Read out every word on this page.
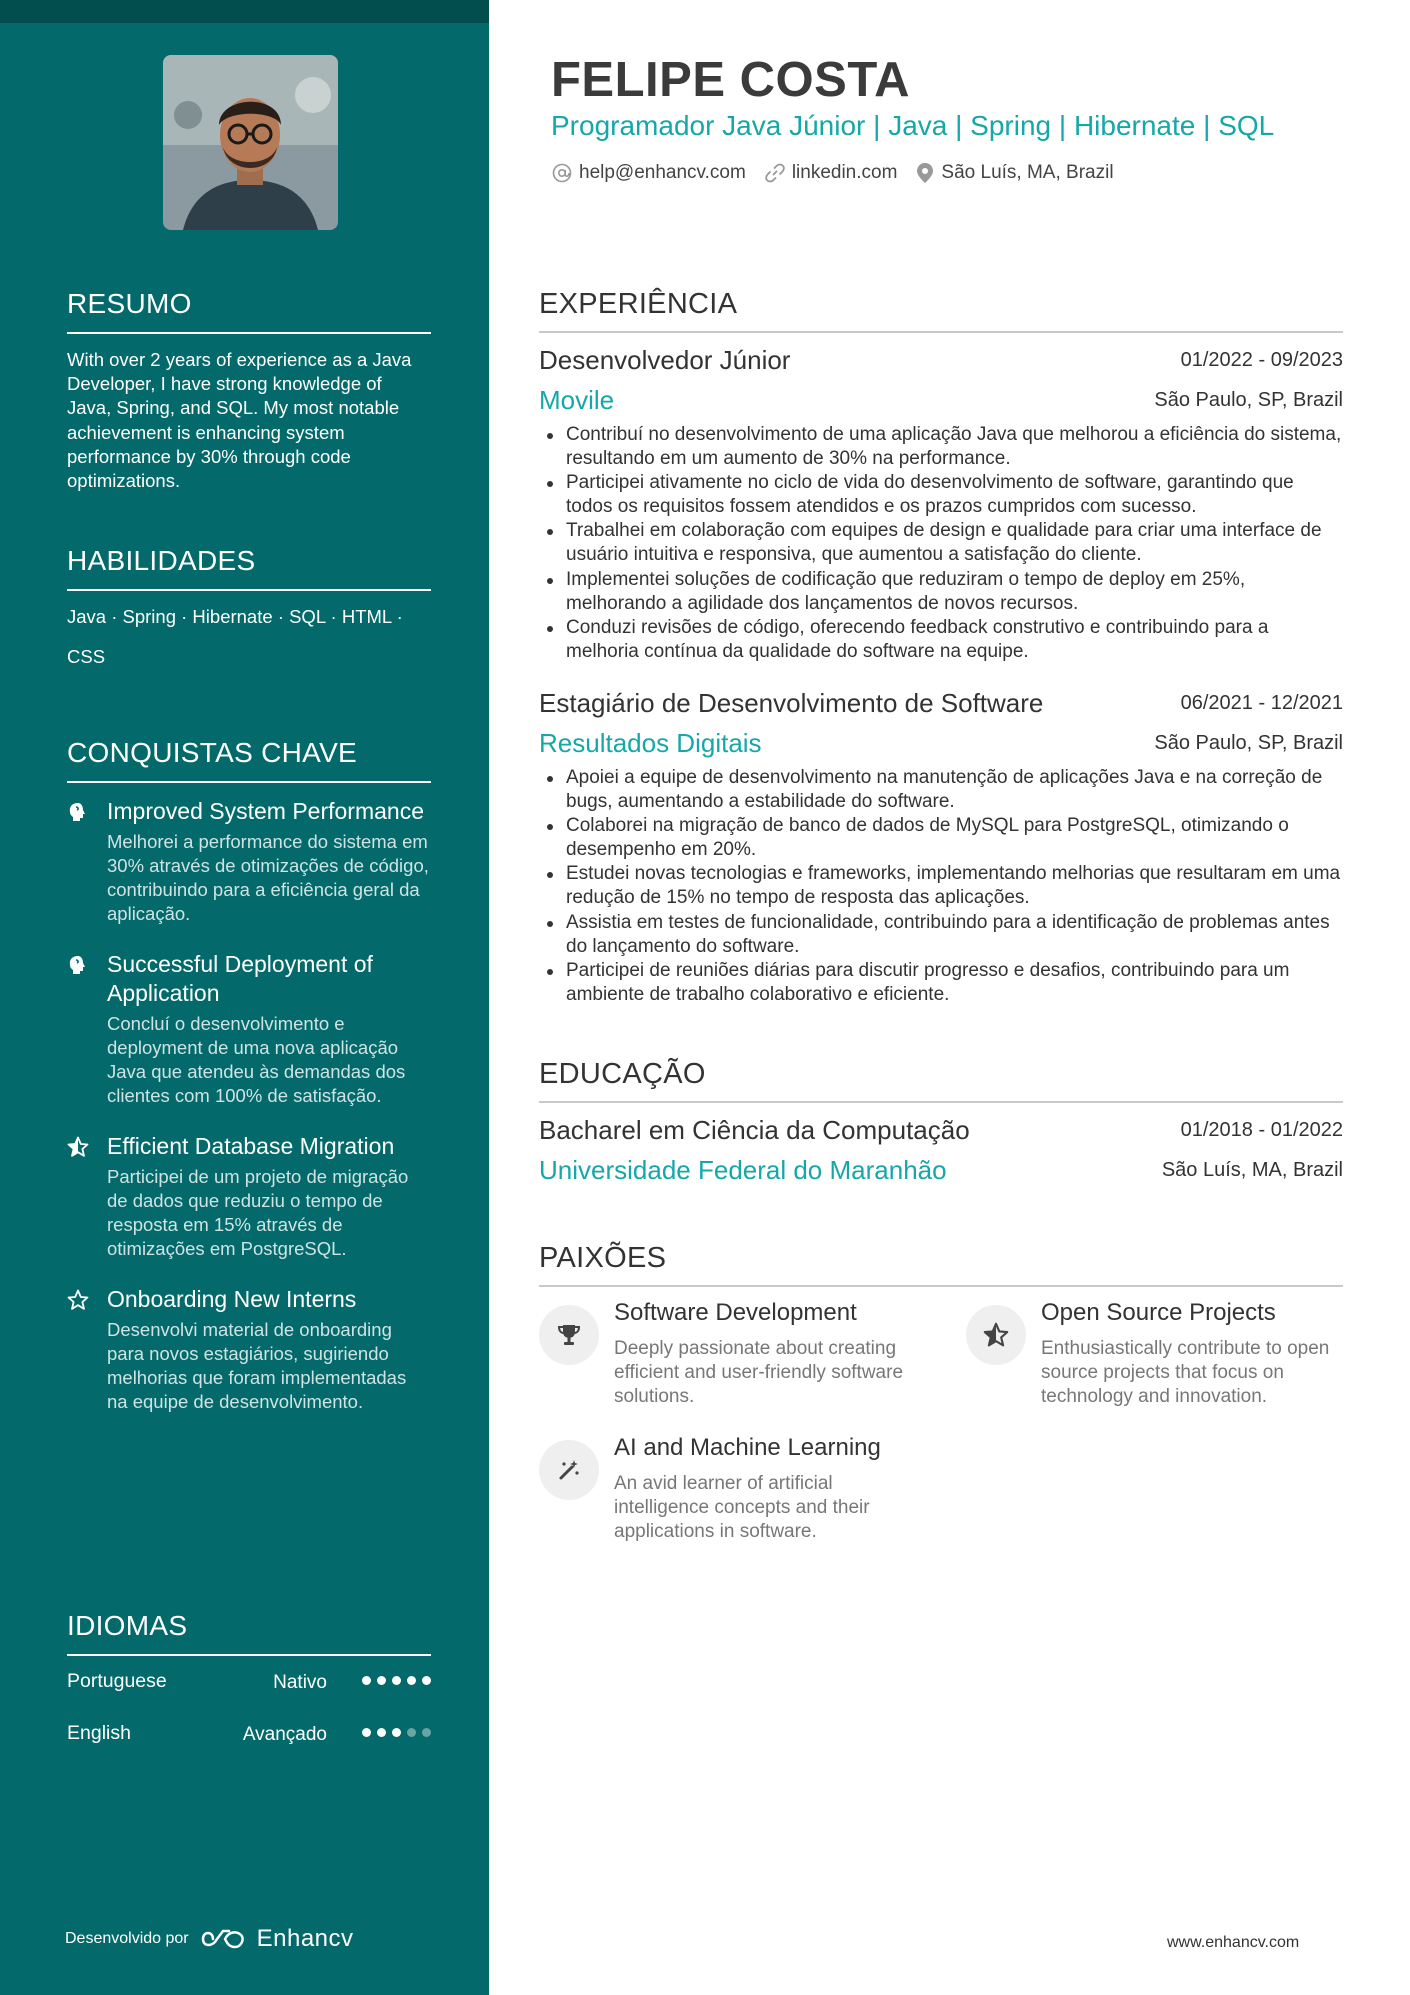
RESUMO
With over 2 years of experience as a Java Developer, I have strong knowledge of Java, Spring, and SQL. My most notable achievement is enhancing system performance by 30% through code optimizations.
HABILIDADES
Java · Spring · Hibernate · SQL · HTML · CSS
CONQUISTAS CHAVE
Improved System Performance
Melhorei a performance do sistema em 30% através de otimizações de código, contribuindo para a eficiência geral da aplicação.
Successful Deployment of Application
Concluí o desenvolvimento e deployment de uma nova aplicação Java que atendeu às demandas dos clientes com 100% de satisfação.
Efficient Database Migration
Participei de um projeto de migração de dados que reduziu o tempo de resposta em 15% através de otimizações em PostgreSQL.
Onboarding New Interns
Desenvolvi material de onboarding para novos estagiários, sugiriendo melhorias que foram implementadas na equipe de desenvolvimento.
IDIOMAS
Portuguese	Nativo
English	Avançado
Desenvolvido por	Enhancv
FELIPE COSTA
Programador Java Júnior | Java | Spring | Hibernate | SQL
help@enhancv.com linkedin.com São Luís, MA, Brazil
EXPERIÊNCIA
Desenvolvedor Júnior	01/2022 - 09/2023
Movile	São Paulo, SP, Brazil
Contribuí no desenvolvimento de uma aplicação Java que melhorou a eficiência do sistema, resultando em um aumento de 30% na performance.
Participei ativamente no ciclo de vida do desenvolvimento de software, garantindo que todos os requisitos fossem atendidos e os prazos cumpridos com sucesso.
Trabalhei em colaboração com equipes de design e qualidade para criar uma interface de usuário intuitiva e responsiva, que aumentou a satisfação do cliente.
Implementei soluções de codificação que reduziram o tempo de deploy em 25%, melhorando a agilidade dos lançamentos de novos recursos.
Conduzi revisões de código, oferecendo feedback construtivo e contribuindo para a melhoria contínua da qualidade do software na equipe.
Estagiário de Desenvolvimento de Software	06/2021 - 12/2021
Resultados Digitais	São Paulo, SP, Brazil
Apoiei a equipe de desenvolvimento na manutenção de aplicações Java e na correção de bugs, aumentando a estabilidade do software.
Colaborei na migração de banco de dados de MySQL para PostgreSQL, otimizando o desempenho em 20%.
Estudei novas tecnologias e frameworks, implementando melhorias que resultaram em uma redução de 15% no tempo de resposta das aplicações.
Assistia em testes de funcionalidade, contribuindo para a identificação de problemas antes do lançamento do software.
Participei de reuniões diárias para discutir progresso e desafios, contribuindo para um ambiente de trabalho colaborativo e eficiente.
EDUCAÇÃO
Bacharel em Ciência da Computação	01/2018 - 01/2022
Universidade Federal do Maranhão	São Luís, MA, Brazil
PAIXÕES
Software Development
Deeply passionate about creating efficient and user-friendly software solutions.
Open Source Projects
Enthusiastically contribute to open source projects that focus on technology and innovation.
AI and Machine Learning
An avid learner of artificial intelligence concepts and their applications in software.
www.enhancv.com
